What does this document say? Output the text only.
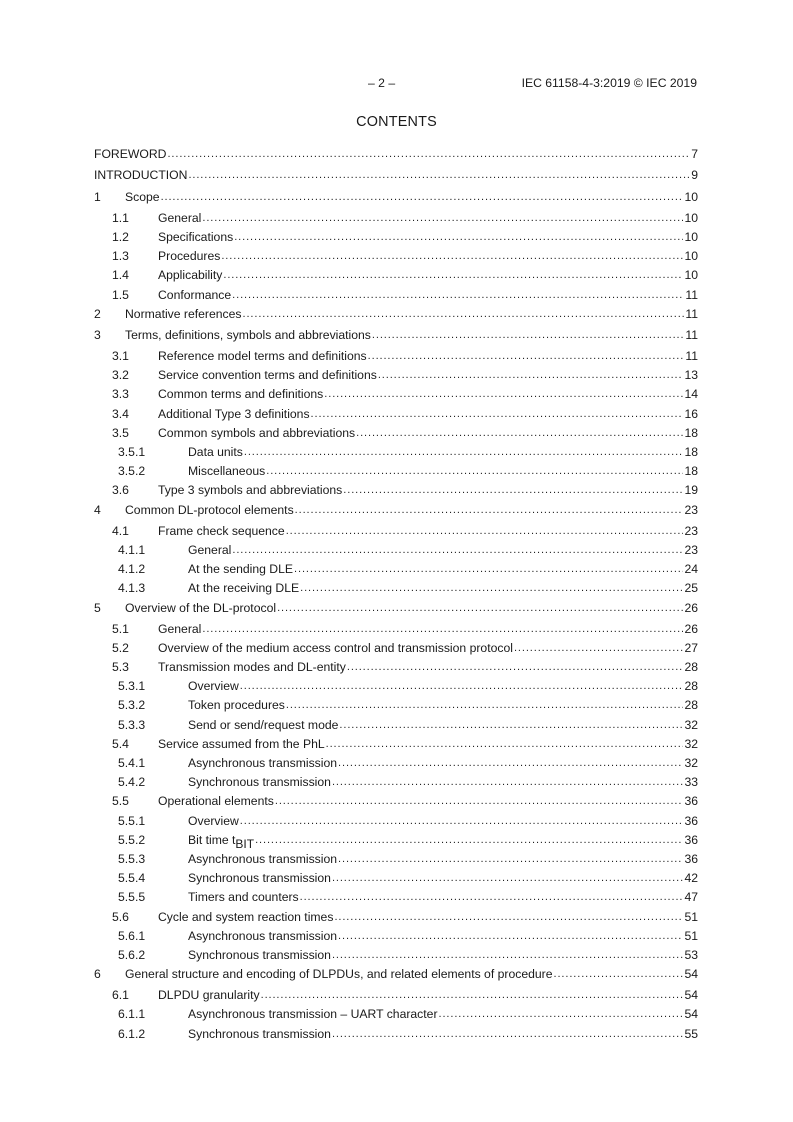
– 2 –	IEC 61158-4-3:2019 © IEC 2019
CONTENTS
FOREWORD .....	7
INTRODUCTION .....	9
1	Scope .....	10
1.1	General .....	10
1.2	Specifications .....	10
1.3	Procedures .....	10
1.4	Applicability .....	10
1.5	Conformance .....	11
2	Normative references .....	11
3	Terms, definitions, symbols and abbreviations .....	11
3.1	Reference model terms and definitions .....	11
3.2	Service convention terms and definitions .....	13
3.3	Common terms and definitions .....	14
3.4	Additional Type 3 definitions .....	16
3.5	Common symbols and abbreviations .....	18
3.5.1	Data units .....	18
3.5.2	Miscellaneous .....	18
3.6	Type 3 symbols and abbreviations .....	19
4	Common DL-protocol elements .....	23
4.1	Frame check sequence .....	23
4.1.1	General .....	23
4.1.2	At the sending DLE .....	24
4.1.3	At the receiving DLE .....	25
5	Overview of the DL-protocol .....	26
5.1	General .....	26
5.2	Overview of the medium access control and transmission protocol .....	27
5.3	Transmission modes and DL-entity .....	28
5.3.1	Overview .....	28
5.3.2	Token procedures .....	28
5.3.3	Send or send/request mode .....	32
5.4	Service assumed from the PhL .....	32
5.4.1	Asynchronous transmission .....	32
5.4.2	Synchronous transmission .....	33
5.5	Operational elements .....	36
5.5.1	Overview .....	36
5.5.2	Bit time $t_{BIT}$ .....	36
5.5.3	Asynchronous transmission .....	36
5.5.4	Synchronous transmission .....	42
5.5.5	Timers and counters .....	47
5.6	Cycle and system reaction times .....	51
5.6.1	Asynchronous transmission .....	51
5.6.2	Synchronous transmission .....	53
6	General structure and encoding of DLPDUs, and related elements of procedure .....	54
6.1	DLPDU granularity .....	54
6.1.1	Asynchronous transmission – UART character .....	54
6.1.2	Synchronous transmission .....	55
